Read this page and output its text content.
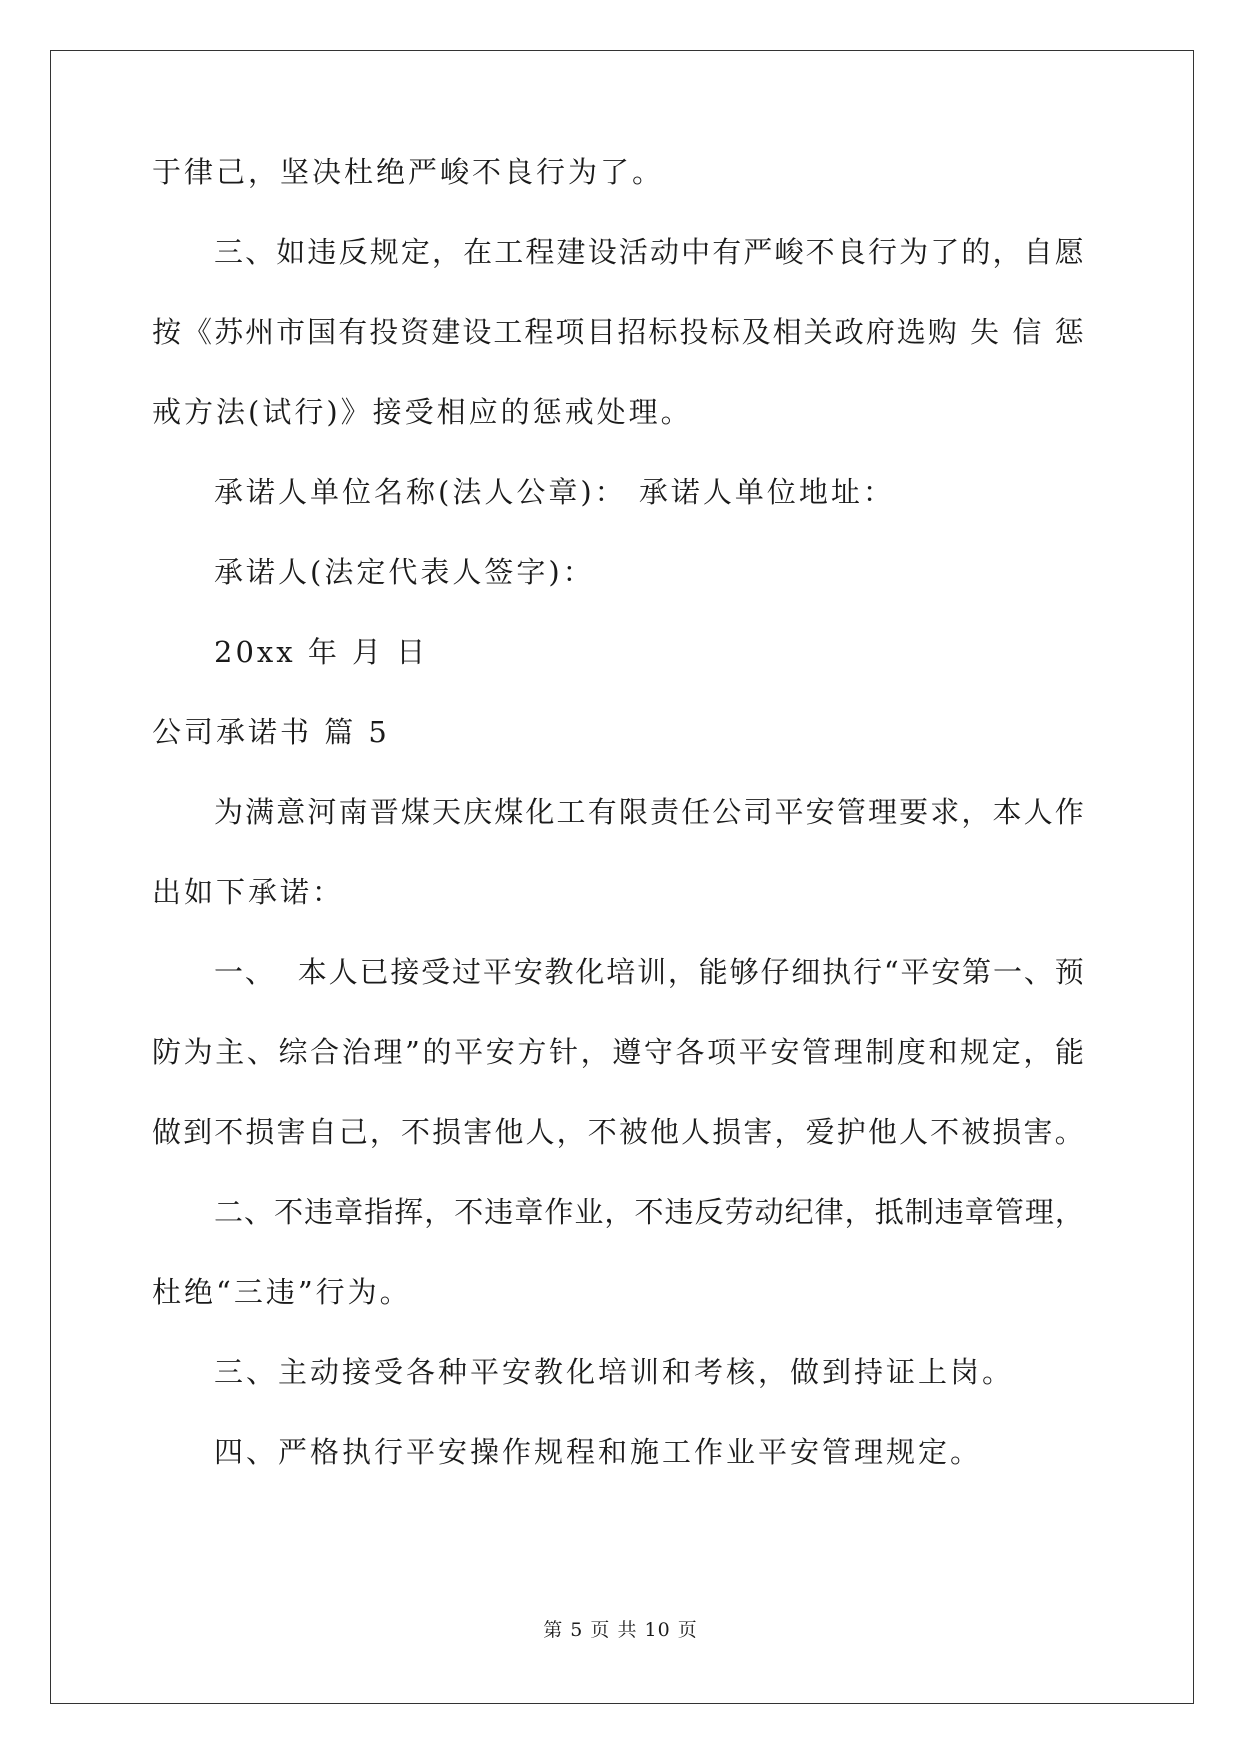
于律己，坚决杜绝严峻不良行为了。
三 、 如 违 反 规 定 ， 在 工 程 建 设 活 动 中 有 严 峻 不 良 行 为 了 的 ， 自 愿
按 《 苏 州 市 国 有 投 资 建 设 工 程 项 目 招 标 投 标 及 相 关 政 府 选 购
失
信
惩
戒方法(试行)》接受相应的惩戒处理。
承诺人单位名称(法人公章)： 承诺人单位地址：
承诺人(法定代表人签字)：
20xx 年 月 日
公司承诺书 篇 5
为 满 意 河 南 晋 煤 天 庆 煤 化 工 有 限 责 任 公 司 平 安 管 理 要 求 ， 本 人 作
出如下承诺：
一 、

本 人 已 接 受 过 平 安 教 化 培 训 ， 能 够 仔 细 执 行 “ 平 安 第 一 、 预
防 为 主 、 综 合 治 理 ” 的 平 安 方 针 ， 遵 守 各 项 平 安 管 理 制 度 和 规 定 ， 能
做 到 不 损 害 自 己 ， 不 损 害 他 人 ， 不 被 他 人 损 害 ， 爱 护 他 人 不 被 损 害 。
二 、 不 违 章 指 挥 ， 不 违 章 作 业 ， 不 违 反 劳 动 纪 律 ， 抵 制 违 章 管 理 ，
杜绝“三违”行为。
三、主动接受各种平安教化培训和考核，做到持证上岗。
四、严格执行平安操作规程和施工作业平安管理规定。
第 5 页 共 10 页
